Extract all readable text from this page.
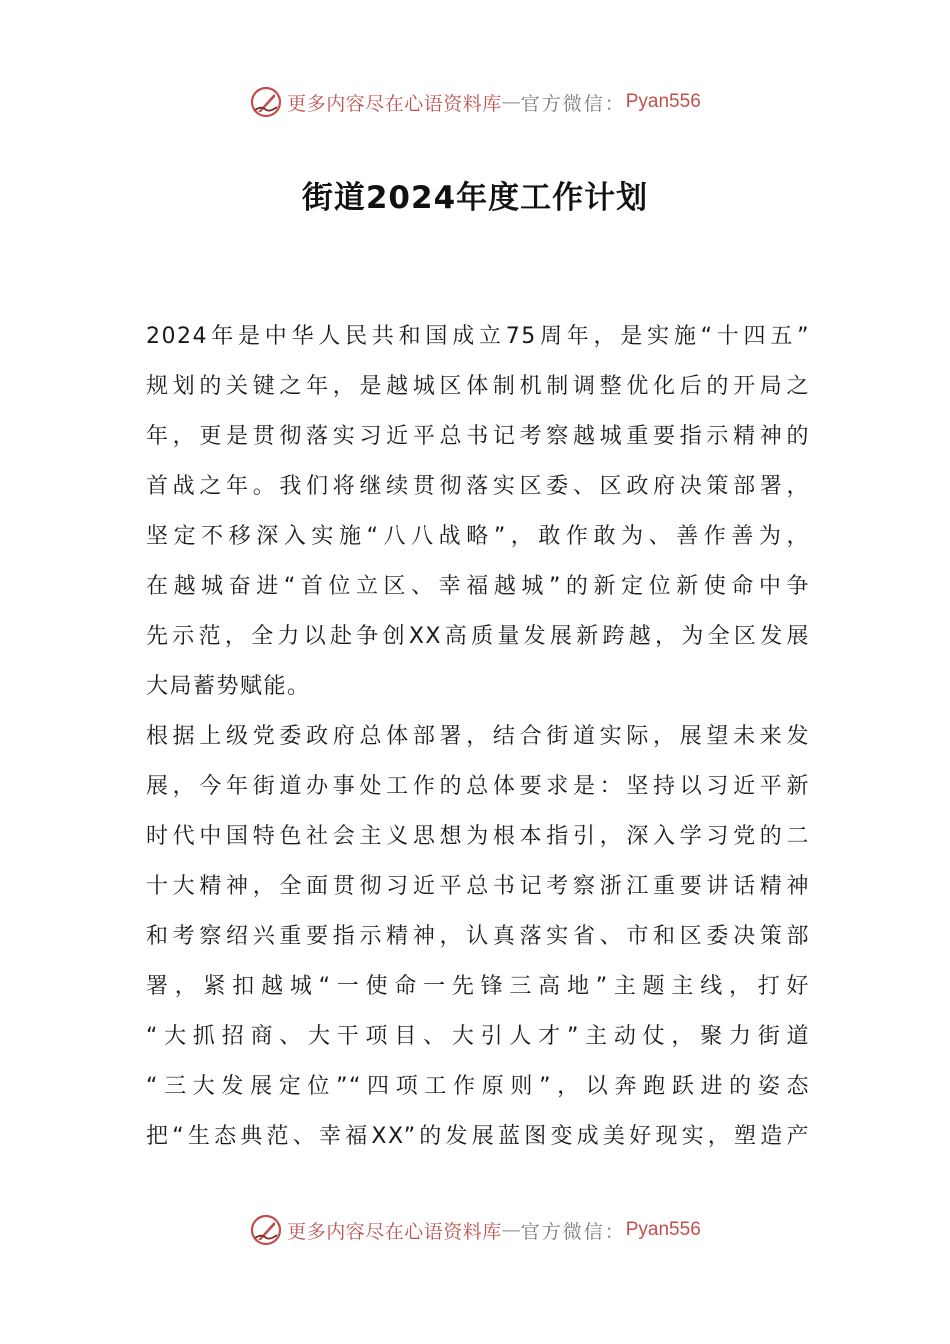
更多内容尽在心语资料库 — 官方微信： Pyan556
街道2024年度工作计划
2024年是中华人民共和国成立75周年，是实施“十四五”
规划的关键之年，是越城区体制机制调整优化后的开局之
年，更是贯彻落实习近平总书记考察越城重要指示精神的
首战之年。我们将继续贯彻落实区委、区政府决策部署，
坚定不移深入实施“八八战略”，敢作敢为、善作善为，
在越城奋进“首位立区、幸福越城”的新定位新使命中争
先示范，全力以赴争创XX高质量发展新跨越，为全区发展
大局蓄势赋能。
根据上级党委政府总体部署，结合街道实际，展望未来发
展，今年街道办事处工作的总体要求是：坚持以习近平新
时代中国特色社会主义思想为根本指引，深入学习党的二
十大精神，全面贯彻习近平总书记考察浙江重要讲话精神
和考察绍兴重要指示精神，认真落实省、市和区委决策部
署，紧扣越城“一使命一先锋三高地”主题主线，打好
“大抓招商、大干项目、大引人才”主动仗，聚力街道
“三大发展定位”“四项工作原则”，以奔跑跃进的姿态
把“生态典范、幸福XX”的发展蓝图变成美好现实，塑造产
更多内容尽在心语资料库 — 官方微信： Pyan556
